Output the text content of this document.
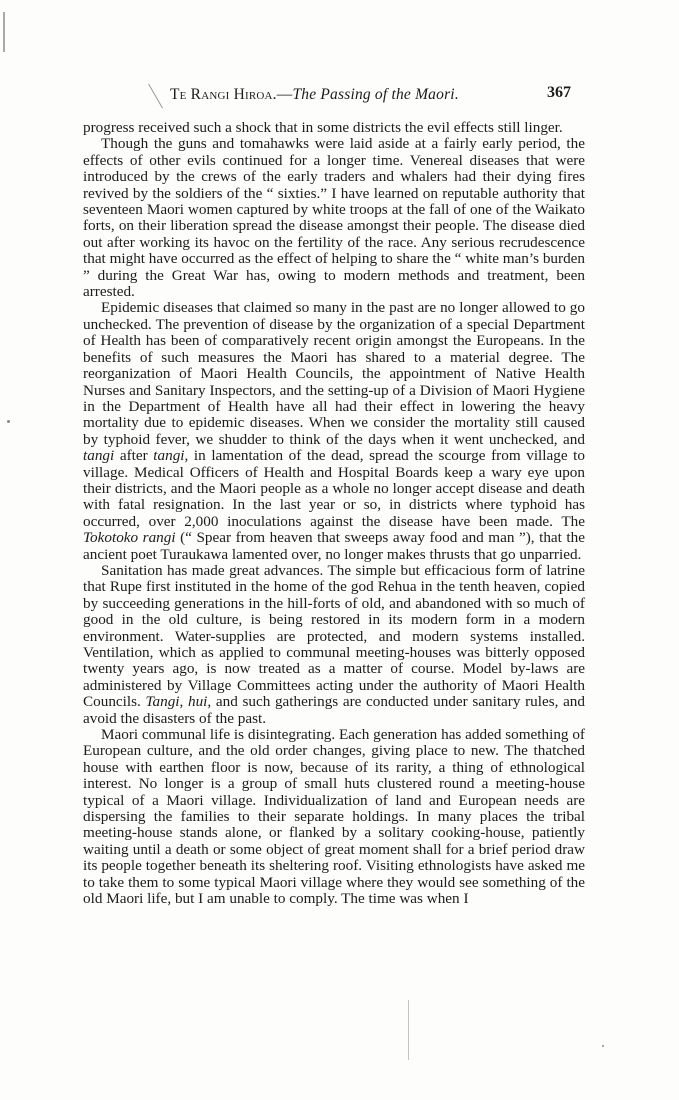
Te Rangi Hiroa.—The Passing of the Maori.	367

progress received such a shock that in some districts the evil effects still linger.

Though the guns and tomahawks were laid aside at a fairly early period, the effects of other evils continued for a longer time. Venereal diseases that were introduced by the crews of the early traders and whalers had their dying fires revived by the soldiers of the “ sixties.” I have learned on reputable authority that seventeen Maori women captured by white troops at the fall of one of the Waikato forts, on their liberation spread the disease amongst their people. The disease died out after working its havoc on the fertility of the race. Any serious recrudescence that might have occurred as the effect of helping to share the “ white man’s burden ” during the Great War has, owing to modern methods and treatment, been arrested.

Epidemic diseases that claimed so many in the past are no longer allowed to go unchecked. The prevention of disease by the organization of a special Department of Health has been of comparatively recent origin amongst the Europeans. In the benefits of such measures the Maori has shared to a material degree. The reorganization of Maori Health Councils, the appointment of Native Health Nurses and Sanitary Inspectors, and the setting-up of a Division of Maori Hygiene in the Department of Health have all had their effect in lowering the heavy mortality due to epidemic diseases. When we consider the mortality still caused by typhoid fever, we shudder to think of the days when it went unchecked, and tangi after tangi, in lamentation of the dead, spread the scourge from village to village. Medical Officers of Health and Hospital Boards keep a wary eye upon their districts, and the Maori people as a whole no longer accept disease and death with fatal resignation. In the last year or so, in districts where typhoid has occurred, over 2,000 inoculations against the disease have been made. The Tokotoko rangi (“ Spear from heaven that sweeps away food and man ”), that the ancient poet Turaukawa lamented over, no longer makes thrusts that go unparried.

Sanitation has made great advances. The simple but efficacious form of latrine that Rupe first instituted in the home of the god Rehua in the tenth heaven, copied by succeeding generations in the hill-forts of old, and abandoned with so much of good in the old culture, is being restored in its modern form in a modern environment. Water-supplies are protected, and modern systems installed. Ventilation, which as applied to communal meeting-houses was bitterly opposed twenty years ago, is now treated as a matter of course. Model by-laws are administered by Village Committees acting under the authority of Maori Health Councils. Tangi, hui, and such gatherings are conducted under sanitary rules, and avoid the disasters of the past.

Maori communal life is disintegrating. Each generation has added something of European culture, and the old order changes, giving place to new. The thatched house with earthen floor is now, because of its rarity, a thing of ethnological interest. No longer is a group of small huts clustered round a meeting-house typical of a Maori village. Individualization of land and European needs are dispersing the families to their separate holdings. In many places the tribal meeting-house stands alone, or flanked by a solitary cooking-house, patiently waiting until a death or some object of great moment shall for a brief period draw its people together beneath its sheltering roof. Visiting ethnologists have asked me to take them to some typical Maori village where they would see something of the old Maori life, but I am unable to comply. The time was when I
